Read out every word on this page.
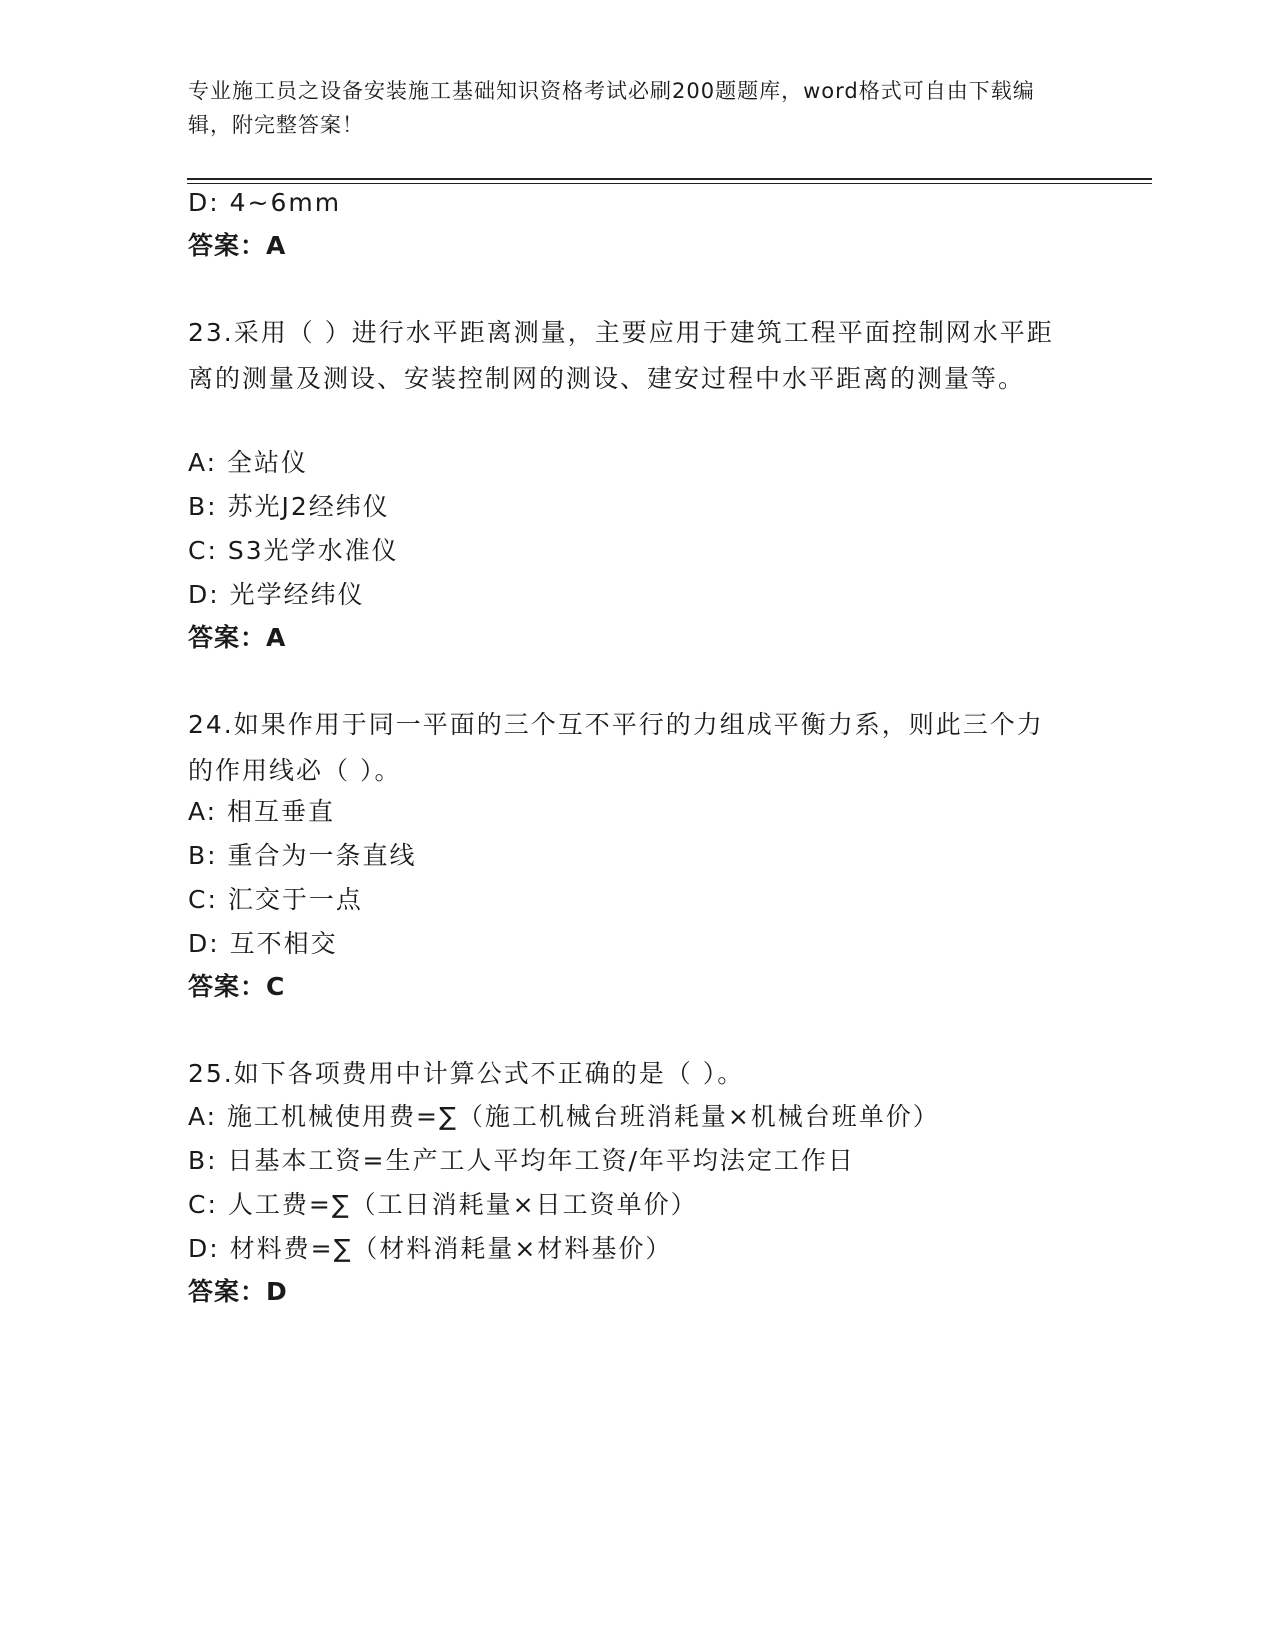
专业施工员之设备安装施工基础知识资格考试必刷200题题库，word格式可自由下载编辑，附完整答案！
D: 4~6mm
答案：A
23.采用（ ）进行水平距离测量，主要应用于建筑工程平面控制网水平距离的测量及测设、安装控制网的测设、建安过程中水平距离的测量等。
A: 全站仪
B: 苏光J2经纬仪
C: S3光学水准仪
D: 光学经纬仪
答案：A
24.如果作用于同一平面的三个互不平行的力组成平衡力系，则此三个力的作用线必（ ）。
A: 相互垂直
B: 重合为一条直线
C: 汇交于一点
D: 互不相交
答案：C
25.如下各项费用中计算公式不正确的是（ ）。
A: 施工机械使用费=∑（施工机械台班消耗量×机械台班单价）
B: 日基本工资=生产工人平均年工资/年平均法定工作日
C: 人工费=∑（工日消耗量×日工资单价）
D: 材料费=∑（材料消耗量×材料基价）
答案：D
